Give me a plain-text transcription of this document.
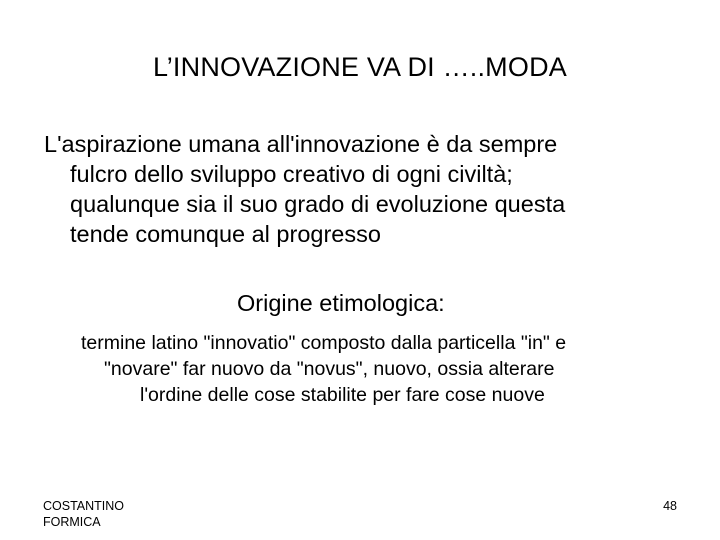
L’INNOVAZIONE VA DI …..MODA
L'aspirazione umana all'innovazione è da sempre
fulcro dello sviluppo creativo di ogni civiltà;
qualunque sia il suo grado di evoluzione questa
tende comunque al progresso
Origine etimologica:
termine latino "innovatio" composto dalla particella "in" e
"novare" far nuovo da "novus", nuovo, ossia alterare
l'ordine delle cose stabilite per fare cose nuove
COSTANTINO
FORMICA
48
